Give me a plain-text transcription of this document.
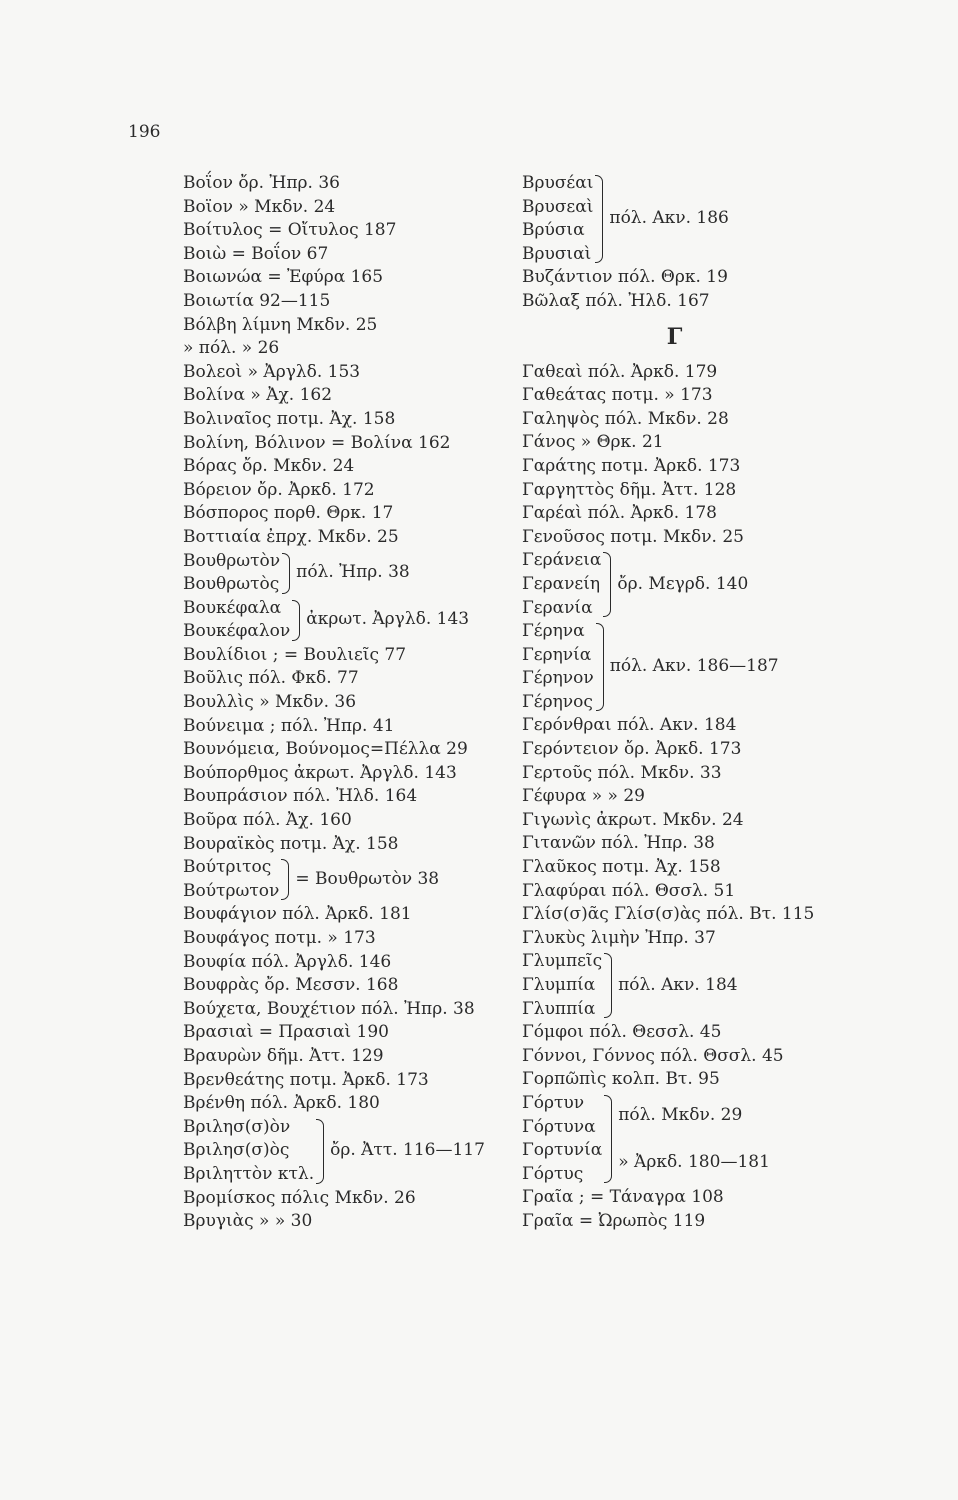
196
Βοΐον ὄρ. Ἠπρ. 36
Βοϊον » Μκδν. 24
Βοίτυλος = Οἴτυλος 187
Βοιὼ = Βοΐον 67
Βοιωνώα = Ἐφύρα 165
Βοιωτία 92—115
Βόλβη λίμνη Μκδν. 25
» πόλ. » 26
Βολεοὶ » Ἀργλδ. 153
Βολίνα » Ἀχ. 162
Βολιναῖος ποτμ. Ἀχ. 158
Βολίνη, Βόλινον = Βολίνα 162
Βόρας ὄρ. Μκδν. 24
Βόρειον ὄρ. Ἀρκδ. 172
Βόσπορος πορθ. Θρκ. 17
Βοττιαία ἐπρχ. Μκδν. 25
Βουθρωτὸν
Βουθρωτὸς
πόλ. Ἠπρ. 38
Βουκέφαλα
Βουκέφαλον
ἀκρωτ. Ἀργλδ. 143
Βουλίδιοι ; = Βουλιεῖς 77
Βοῦλις πόλ. Φκδ. 77
Βουλλὶς » Μκδν. 36
Βούνειμα ; πόλ. Ἠπρ. 41
Βουνόμεια, Βούνομος=Πέλλα 29
Βούπορθμος ἀκρωτ. Ἀργλδ. 143
Βουπράσιον πόλ. Ἠλδ. 164
Βοῦρα πόλ. Ἀχ. 160
Βουραϊκὸς ποτμ. Ἀχ. 158
Βούτριτος
Βούτρωτον
= Βουθρωτὸν 38
Βουφάγιον πόλ. Ἀρκδ. 181
Βουφάγος ποτμ. » 173
Βουφία πόλ. Ἀργλδ. 146
Βουφρὰς ὄρ. Μεσσν. 168
Βούχετα, Βουχέτιον πόλ. Ἠπρ. 38
Βρασιαὶ = Πρασιαὶ 190
Βραυρὼν δῆμ. Ἀττ. 129
Βρενθεάτης ποτμ. Ἀρκδ. 173
Βρένθη πόλ. Ἀρκδ. 180
Βριλησ(σ)ὸν
Βριλησ(σ)ὸς
Βριληττὸν κτλ.
ὄρ. Ἀττ. 116—117
Βρομίσκος πόλις Μκδν. 26
Βρυγιὰς » » 30
Βρυσέαι
Βρυσεαὶ
Βρύσια
Βρυσιαὶ
πόλ. Ακν. 186
Βυζάντιον πόλ. Θρκ. 19
Βῶλαξ πόλ. Ἠλδ. 167
Γ
Γαθεαὶ πόλ. Ἀρκδ. 179
Γαθεάτας ποτμ. » 173
Γαληψὸς πόλ. Μκδν. 28
Γάνος » Θρκ. 21
Γαράτης ποτμ. Ἀρκδ. 173
Γαργηττὸς δῆμ. Ἀττ. 128
Γαρέαὶ πόλ. Ἀρκδ. 178
Γενοῦσος ποτμ. Μκδν. 25
Γεράνεια
Γερανείη
Γερανία
ὄρ. Μεγρδ. 140
Γέρηνα
Γερηνία
Γέρηνον
Γέρηνος
πόλ. Ακν. 186—187
Γερόνθραι πόλ. Ακν. 184
Γερόντειον ὄρ. Ἀρκδ. 173
Γερτοῦς πόλ. Μκδν. 33
Γέφυρα » » 29
Γιγωνὶς ἀκρωτ. Μκδν. 24
Γιτανῶν πόλ. Ἠπρ. 38
Γλαῦκος ποτμ. Ἀχ. 158
Γλαφύραι πόλ. Θσσλ. 51
Γλίσ(σ)ᾶς Γλίσ(σ)ὰς πόλ. Βτ. 115
Γλυκὺς λιμὴν Ἠπρ. 37
Γλυμπεῖς
Γλυμπία
Γλυππία
πόλ. Ακν. 184
Γόμφοι πόλ. Θεσσλ. 45
Γόννοι, Γόννος πόλ. Θσσλ. 45
Γορπῶπὶς κολπ. Βτ. 95
Γόρτυν
Γόρτυνα
Γορτυνία
Γόρτυς
πόλ. Μκδν. 29
» Ἀρκδ. 180—181
Γραῖα ; = Τάναγρα 108
Γραῖα = Ὠρωπὸς 119
